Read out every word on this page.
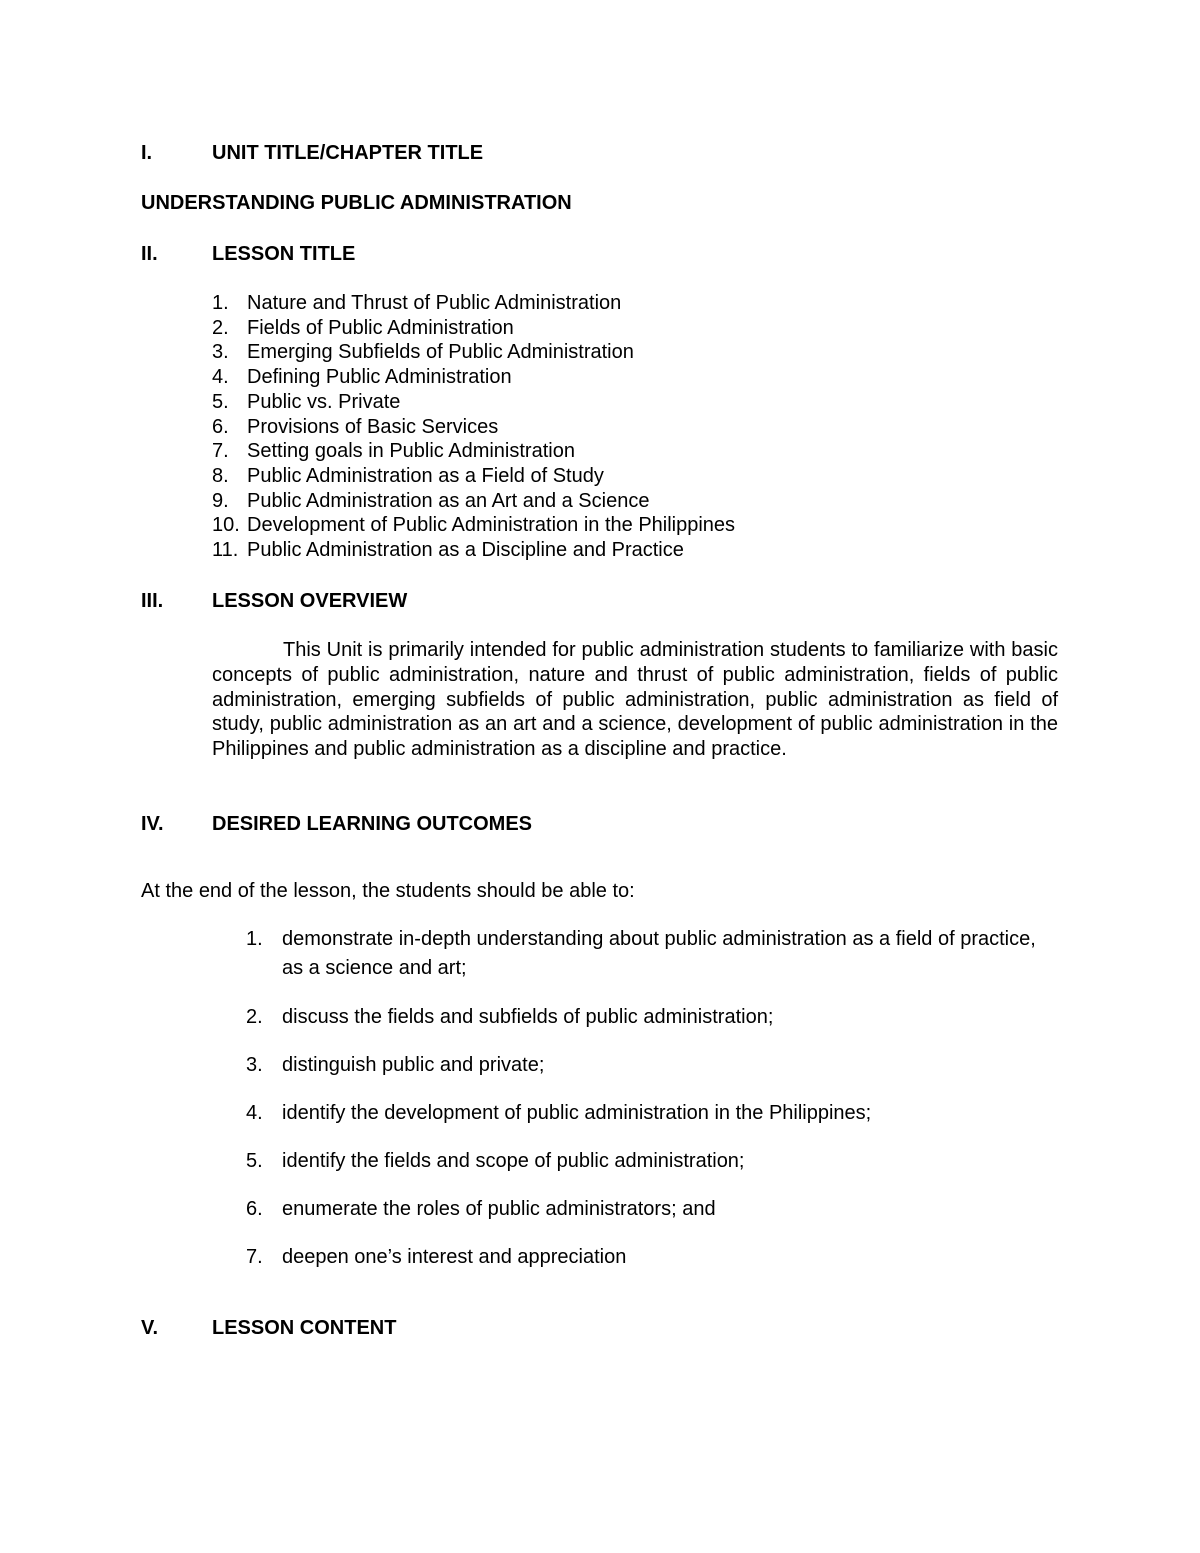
I.	UNIT TITLE/CHAPTER TITLE
UNDERSTANDING PUBLIC ADMINISTRATION
II.	LESSON TITLE
1. Nature and Thrust of Public Administration
2. Fields of Public Administration
3. Emerging Subfields of Public Administration
4. Defining Public Administration
5. Public vs. Private
6. Provisions of Basic Services
7. Setting goals in Public Administration
8. Public Administration as a Field of Study
9. Public Administration as an Art and a Science
10. Development of Public Administration in the Philippines
11. Public Administration as a Discipline and Practice
III. LESSON OVERVIEW

This Unit is primarily intended for public administration students to familiarize with basic concepts of public administration, nature and thrust of public administration, fields of public administration, emerging subfields of public administration, public administration as field of study, public administration as an art and a science, development of public administration in the Philippines and public administration as a discipline and practice.

IV. DESIRED LEARNING OUTCOMES
At the end of the lesson, the students should be able to:
1. demonstrate in-depth understanding about public administration as a field of practice, as a science and art;
2. discuss the fields and subfields of public administration;
3. distinguish public and private;
4. identify the development of public administration in the Philippines;
5. identify the fields and scope of public administration;
6. enumerate the roles of public administrators; and
7. deepen one’s interest and appreciation
V.	LESSON CONTENT
